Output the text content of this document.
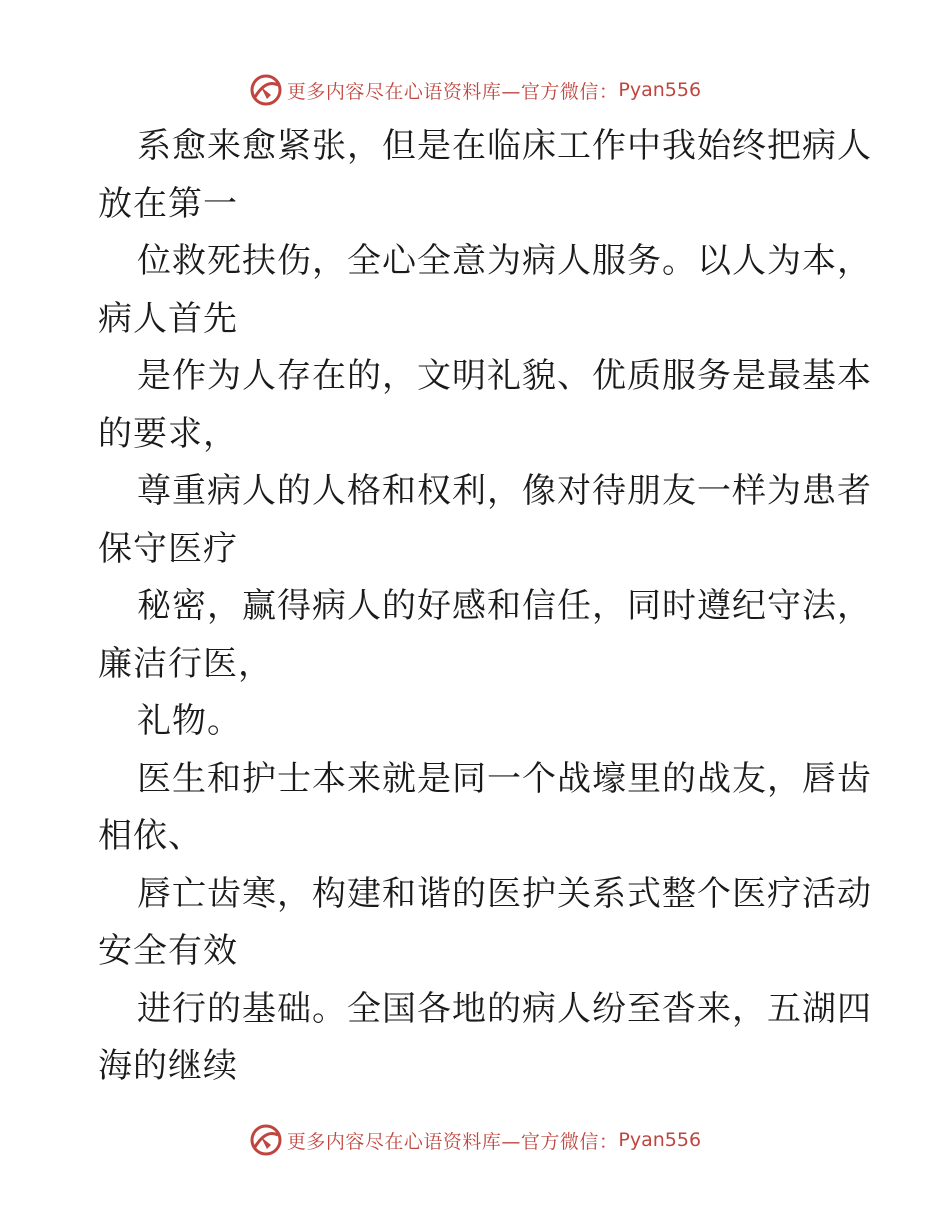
更多内容尽在心语资料库—官方微信： Pyan556
系愈来愈紧张，但是在临床工作中我始终把病人
放在第一
位救死扶伤，全心全意为病人服务。以人为本，
病人首先
是作为人存在的，文明礼貌、优质服务是最基本
的要求，
尊重病人的人格和权利，像对待朋友一样为患者
保守医疗
秘密，赢得病人的好感和信任，同时遵纪守法，
廉洁行医，
礼物。
医生和护士本来就是同一个战壕里的战友，唇齿
相依、
唇亡齿寒，构建和谐的医护关系式整个医疗活动
安全有效
进行的基础。全国各地的病人纷至沓来，五湖四
海的继续
更多内容尽在心语资料库—官方微信： Pyan556
